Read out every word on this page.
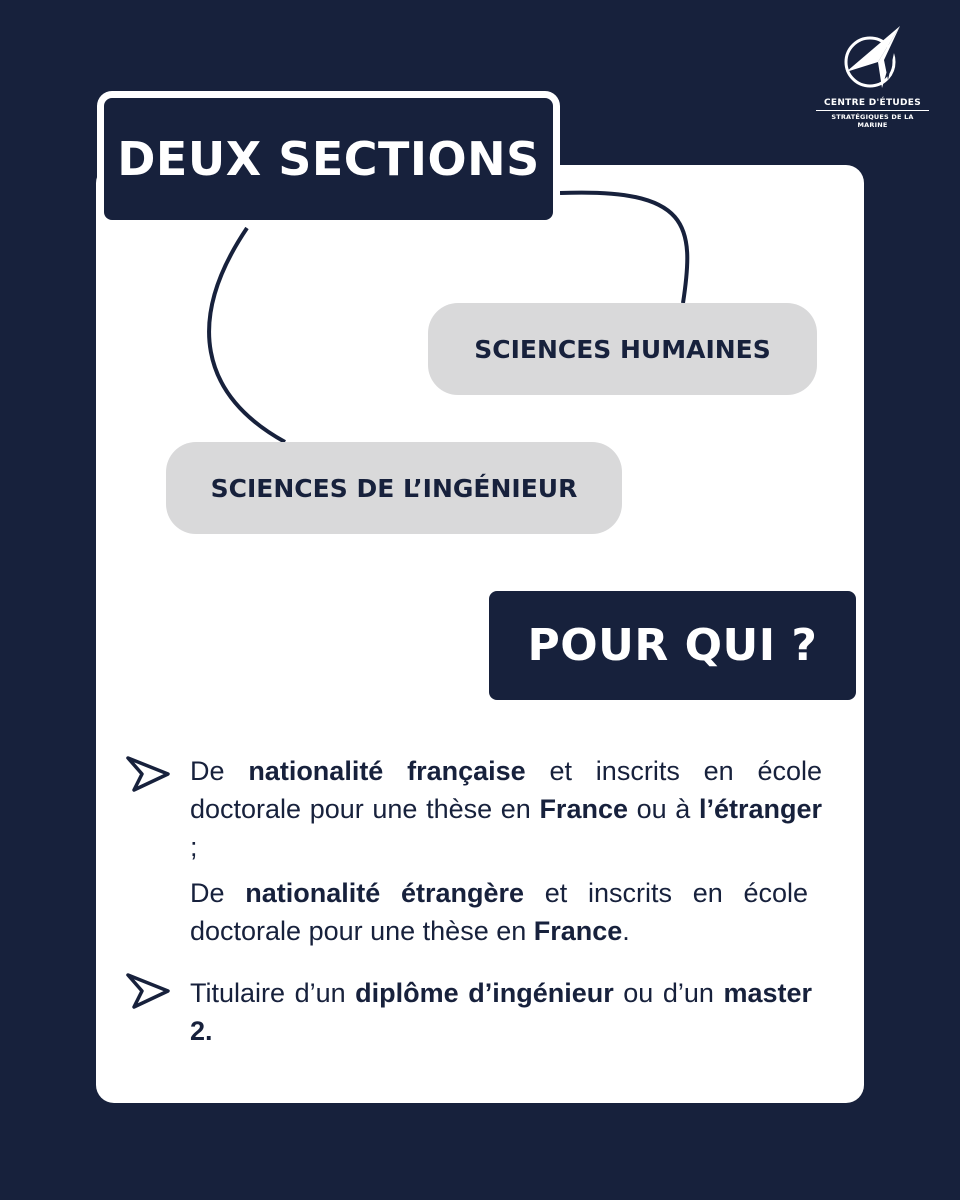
CENTRE D'ÉTUDES
STRATÉGIQUES DE LA MARINE
DEUX SECTIONS
POUR QUI ?
SCIENCES HUMAINES
SCIENCES DE L’INGÉNIEUR
De nationalité française et inscrits en école doctorale pour une thèse en France ou à l’étranger ;
De nationalité étrangère et inscrits en école doctorale pour une thèse en France.
Titulaire d’un diplôme d’ingénieur ou d’un master 2.
